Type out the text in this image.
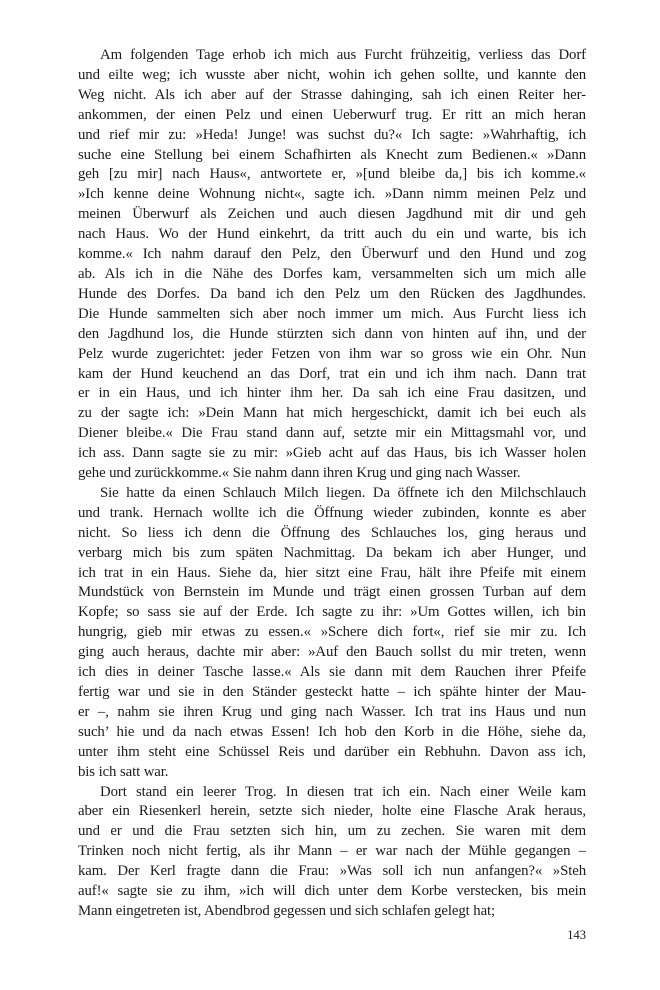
Am folgenden Tage erhob ich mich aus Furcht frühzeitig, verliess das Dorf
und eilte weg; ich wusste aber nicht, wohin ich gehen sollte, und kannte den
Weg nicht. Als ich aber auf der Strasse dahinging, sah ich einen Reiter her-
ankommen, der einen Pelz und einen Ueberwurf trug. Er ritt an mich heran
und rief mir zu: »Heda! Junge! was suchst du?« Ich sagte: »Wahrhaftig, ich
suche eine Stellung bei einem Schafhirten als Knecht zum Bedienen.« »Dann
geh [zu mir] nach Haus«, antwortete er, »[und bleibe da,] bis ich komme.«
»Ich kenne deine Wohnung nicht«, sagte ich. »Dann nimm meinen Pelz und
meinen Überwurf als Zeichen und auch diesen Jagdhund mit dir und geh
nach Haus. Wo der Hund einkehrt, da tritt auch du ein und warte, bis ich
komme.« Ich nahm darauf den Pelz, den Überwurf und den Hund und zog
ab. Als ich in die Nähe des Dorfes kam, versammelten sich um mich alle
Hunde des Dorfes. Da band ich den Pelz um den Rücken des Jagdhundes.
Die Hunde sammelten sich aber noch immer um mich. Aus Furcht liess ich
den Jagdhund los, die Hunde stürzten sich dann von hinten auf ihn, und der
Pelz wurde zugerichtet: jeder Fetzen von ihm war so gross wie ein Ohr. Nun
kam der Hund keuchend an das Dorf, trat ein und ich ihm nach. Dann trat
er in ein Haus, und ich hinter ihm her. Da sah ich eine Frau dasitzen, und
zu der sagte ich: »Dein Mann hat mich hergeschickt, damit ich bei euch als
Diener bleibe.« Die Frau stand dann auf, setzte mir ein Mittagsmahl vor, und
ich ass. Dann sagte sie zu mir: »Gieb acht auf das Haus, bis ich Wasser holen
gehe und zurückkomme.« Sie nahm dann ihren Krug und ging nach Wasser.
Sie hatte da einen Schlauch Milch liegen. Da öffnete ich den Milchschlauch
und trank. Hernach wollte ich die Öffnung wieder zubinden, konnte es aber
nicht. So liess ich denn die Öffnung des Schlauches los, ging heraus und
verbarg mich bis zum späten Nachmittag. Da bekam ich aber Hunger, und
ich trat in ein Haus. Siehe da, hier sitzt eine Frau, hält ihre Pfeife mit einem
Mundstück von Bernstein im Munde und trägt einen grossen Turban auf dem
Kopfe; so sass sie auf der Erde. Ich sagte zu ihr: »Um Gottes willen, ich bin
hungrig, gieb mir etwas zu essen.« »Schere dich fort«, rief sie mir zu. Ich
ging auch heraus, dachte mir aber: »Auf den Bauch sollst du mir treten, wenn
ich dies in deiner Tasche lasse.« Als sie dann mit dem Rauchen ihrer Pfeife
fertig war und sie in den Ständer gesteckt hatte – ich spähte hinter der Mau-
er –, nahm sie ihren Krug und ging nach Wasser. Ich trat ins Haus und nun
such’ hie und da nach etwas Essen! Ich hob den Korb in die Höhe, siehe da,
unter ihm steht eine Schüssel Reis und darüber ein Rebhuhn. Davon ass ich,
bis ich satt war.
Dort stand ein leerer Trog. In diesen trat ich ein. Nach einer Weile kam
aber ein Riesenkerl herein, setzte sich nieder, holte eine Flasche Arak heraus,
und er und die Frau setzten sich hin, um zu zechen. Sie waren mit dem
Trinken noch nicht fertig, als ihr Mann – er war nach der Mühle gegangen –
kam. Der Kerl fragte dann die Frau: »Was soll ich nun anfangen?« »Steh
auf!« sagte sie zu ihm, »ich will dich unter dem Korbe verstecken, bis mein
Mann eingetreten ist, Abendbrod gegessen und sich schlafen gelegt hat;
143
